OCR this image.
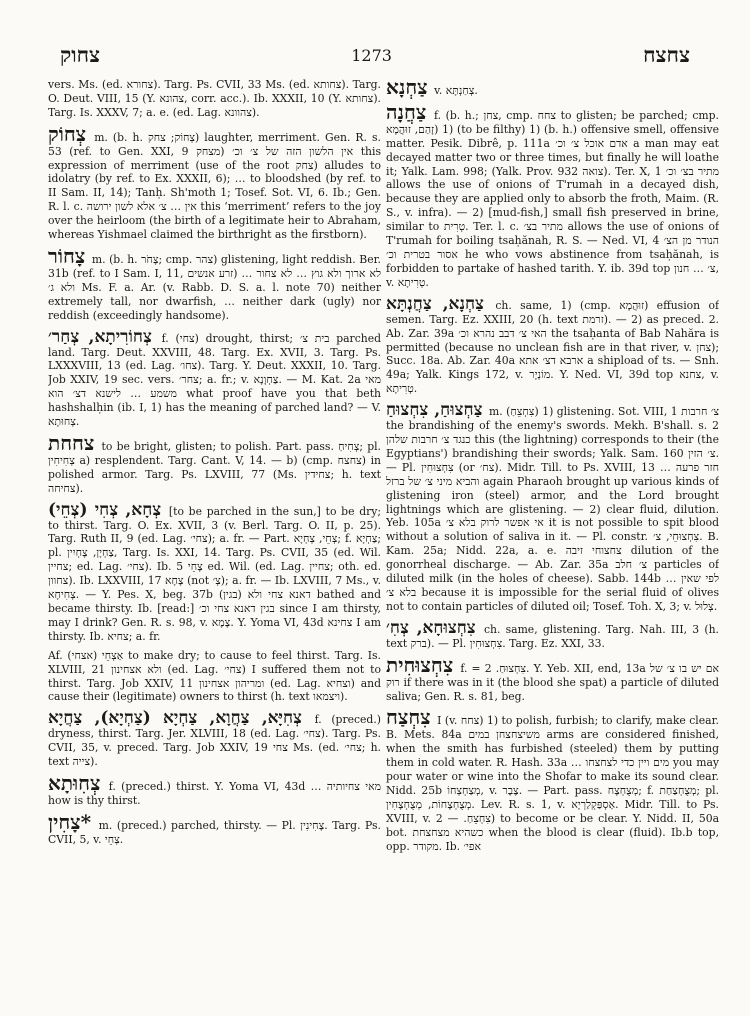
צחוק	1273	צחצח
vers. Ms. (ed. צחורא). Targ. Ps. CVII, 33 Ms. (ed. צחותא). Targ. O. Deut. VIII, 15 (Y. צהונא, corr. acc.). Ib. XXXII, 10 (Y. צחותא). Targ. Is. XXXV, 7; a. e. (ed. Lag. צהוונא).
צְחוֹק m. (b. h. צְחוֹק; צחק) laughter, merriment. Gen. R. s. 53 (ref. to Gen. XXI, 9 מצחק) אין הלשון הזה של צ׳ וכ׳ this expression of merriment (use of the root צחק) alludes to idolatry (by ref. to Ex. XXXII, 6); … to bloodshed (by ref. to II Sam. II, 14); Tanḥ. Sh'moth 1; Tosef. Sot. VI, 6. Ib.; Gen. R. l. c. אין … צ׳ אלא לשון ירושה this ‘merriment’ refers to the joy over the heirloom (the birth of a legitimate heir to Abraham, whereas Yishmael claimed the birthright as the firstborn).
צָחוֹר m. (b. h. צָחֹר; cmp. צהר) glistening, light reddish. Ber. 31b (ref. to I Sam. I, 11, זרע אנשים) … לא ארוך ולא גוץ … לא צחור ולא ג׳ Ms. F. a. Ar. (v. Rabb. D. S. a. l. note 70) neither extremely tall, nor dwarfish, … neither dark (ugly) nor reddish (exceedingly handsome).
צְחוֹרִיתָא, צְחַר׳ f. (צחי) drought, thirst; בית צ׳ parched land. Targ. Deut. XXVIII, 48. Targ. Ex. XVII, 3. Targ. Ps. LXXXVIII, 13 (ed. Lag. צחו׳). Targ. Y. Deut. XXXII, 10. Targ. Job XXIV, 19 sec. vers. צחר׳; a. fr.; v. צַחְוָנָא. — M. Kat. 2a מאי משמע … לישנא דצ׳ הוא what proof have you that beth hashshalḥin (ib. I, 1) has the meaning of parched land? — V. צְחוּתָא.
צחחת to be bright, glisten; to polish. Part. pass. צְחִיחַ; pl. צְחִיחִין a) resplendent. Targ. Cant. V, 14. — b) (cmp. צחצח) in polished armor. Targ. Ps. LXVIII, 77 (Ms. צחידין; h. text צחיחה).
צְחָא, צְחִי (צְחֵי) [to be parched in the sun,] to be dry; to thirst. Targ. O. Ex. XVII, 3 (v. Berl. Targ. O. II, p. 25). Targ. Ruth II, 9 (ed. Lag. צחי׳); a. fr. — Part. צְחֵי, צְחְיָא; f. צַחְיָא; pl. צַחְיָן, צָחְיִין, Targ. Is. XXI, 14. Targ. Ps. CVII, 35 (ed. Wil. צחיין; ed. Lag. צחי׳). Ib. 5 צָחֵי ed. Wil. (ed. Lag. צחיין; oth. ed. צחוון). Ib. LXXVIII, 17 צָחָא (not צְ׳); a. fr. — Ib. LXVIII, 7 Ms., v. צְחִיחָא. — Y. Pes. X, beg. 37b דאנא צחי ולא (בגין) bathed and became thirsty. Ib. [read:] בגין דאנא צחי וכ׳ since I am thirsty, may I drink? Gen. R. s. 98, v. צָמָא. Y. Yoma VI, 43d צחינא I am thirsty. Ib. צחיא; a. fr.
Af. אַצְחֵי (אצחי) to make dry; to cause to feel thirst. Targ. Is. XLVIII, 21 ולא אצחינון (ed. Lag. צחי׳) I suffered them not to thirst. Targ. Job XXIV, 11 ומריהון אצחינון (ed. Lag. וצחיא) and cause their (legitimate) owners to thirst (h. text ויצמאו).
צְחִיָּא, צַחֲוָא, צַחְיָא (צַחְיָא), צַחֲיָא f. (preced.) dryness, thirst. Targ. Jer. XLVIII, 18 (ed. Lag. צחי׳). Targ. Ps. CVII, 35, v. preced. Targ. Job XXIV, 19 צחי Ms. (ed. צחי׳; h. text צייה).
צְחִוּתָא f. (preced.) thirst. Y. Yoma VI, 43d … מאי צחיותיה how is thy thirst.
*צָחִין m. (preced.) parched, thirsty. — Pl. צָחִינִין. Targ. Ps. CVII, 5, v. צְחֵי.
צַחְנָא v. צְחַנְתָּא.
צַחֲנָה f. (b. h.; צחן, cmp. צחח to glisten; be parched; cmp. זָהַם, זוּהֲמָא) 1) (to be filthy) 1) (b. h.) offensive smell, offensive matter. Pesik. Dibrê, p. 111a אדם אוכל צ׳ וכ׳ a man may eat decayed matter two or three times, but finally he will loathe it; Yalk. Lam. 998; (Yalk. Prov. 932 צואה). Ter. X, 1 מתיר בצ׳ וכ׳ allows the use of onions of T'rumah in a decayed dish, because they are applied only to absorb the froth, Maim. (R. S., v. infra). — 2) [mud-fish,] small fish preserved in brine, similar to טְרִית. Ter. l. c. מתיר בצ׳ allows the use of onions of T'rumah for boiling tsaḥănah, R. S. — Ned. VI, 4 הנודר מן הצ׳ אסור בטרית וכ׳ he who vows abstinence from tsaḥănah, is forbidden to partake of hashed tarith. Y. ib. 39d top צ׳ … חנון, v. טְרִיתָא.
צַחְנָא, צַחֲנְתָּא ch. same, 1) (cmp. זוּהֲמָא) effusion of semen. Targ. Ez. XXIII, 20 (h. text זרמת). — 2) as preced. 2. Ab. Zar. 39a האי צ׳ דבב נהרא וכ׳ the tsaḥanta of Bab Nahăra is permitted (because no unclean fish are in that river, v. צחן); Succ. 18a. Ab. Zar. 40a ארבא דצ׳ אתא a shipload of ts. — Snh. 49a; Yalk. Kings 172, v. מוֹנְיָר. Y. Ned. VI, 39d top צחנא, v. טְרִיתָא.
צַחְצוּחַ, צִחְצוּחַ m. (צִחְצֵחַ) 1) glistening. Sot. VIII, 1 צ׳ חרבות the brandishing of the enemy's swords. Mekh. B'shall. s. 2 כנגד צ׳ חרבות שלהן this (the lightning) corresponds to their (the Egyptians') brandishing their swords; Yalk. Sam. 160 צ׳ הזין. — Pl. צִחְצוּחִין (or צח׳). Midr. Till. to Ps. XVIII, 13 … חזר פרעה והביא מיני צ׳ של ברזל again Pharaoh brought up various kinds of glistening iron (steel) armor, and the Lord brought lightnings which are glistening. — 2) clear fluid, dilution. Yeb. 105a אי אפשר לרוק בלא צ׳ it is not possible to spit blood without a solution of saliva in it. — Pl. constr. צִחְצוּחֵי, צ׳. B. Kam. 25a; Nidd. 22a, a. e. צחצוחי זיבה dilution of the gonorrheal discharge. — Ab. Zar. 35a צ׳ חלב particles of diluted milk (in the holes of cheese). Sabb. 144b … לפי שאין בלא צ׳ because it is impossible for the serial fluid of olives not to contain particles of diluted oil; Tosef. Toh. X, 3; v. צְלוּל.
צִחְצוּחָא, צְחִ׳ ch. same, glistening. Targ. Nah. III, 3 (h. text ברק). — Pl. צִחְצוּחִין. Targ. Ez. XXI, 33.
צִחְצוּחִית f. = צִחְצוּחַ. 2. Y. Yeb. XII, end, 13a אם יש בו צ׳ של רוק if there was in it (the blood she spat) a particle of diluted saliva; Gen. R. s. 81, beg.
צִחְצַח I (v. צחח) 1) to polish, furbish; to clarify, make clear. B. Mets. 84a משיצחצחן במים arms are considered finished, when the smith has furbished (steeled) them by putting them in cold water. R. Hash. 33a … מים ויין כדי לצחצחו you may pour water or wine into the Shofar to make its sound clear. Nidd. 25b מְצַחְצְחוֹ, v. צֶבֶר. — Part. pass. מְצֻחְצָח; f. מְצֻחְצַחַת; pl. מְצֻחְצָחוֹת, מְצֻחְצָחִין. Lev. R. s. 1, v. אַסְפַּקְלַרְיָא. Midr. Till. to Ps. XVIII, v. צִחְצֵחַ. — 2) to become or be clear. Y. Nidd. II, 50a bot. כשהיא מצחצחת when the blood is clear (fluid). Ib.b top, opp. מקודר. Ib. אפי׳
